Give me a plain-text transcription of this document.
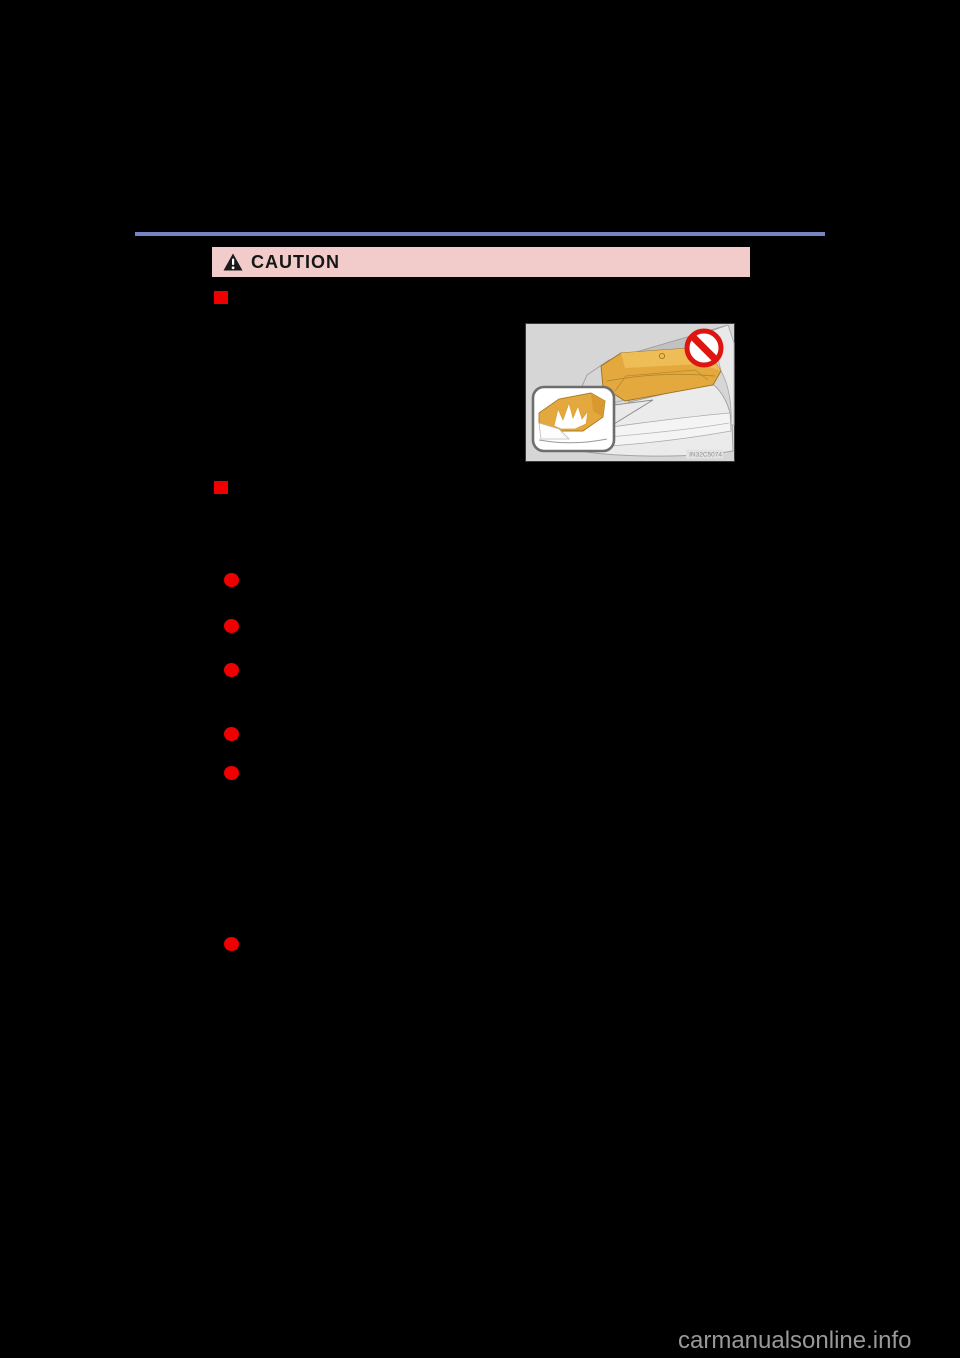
CAUTION
IN32C5074
carmanualsonline.info
